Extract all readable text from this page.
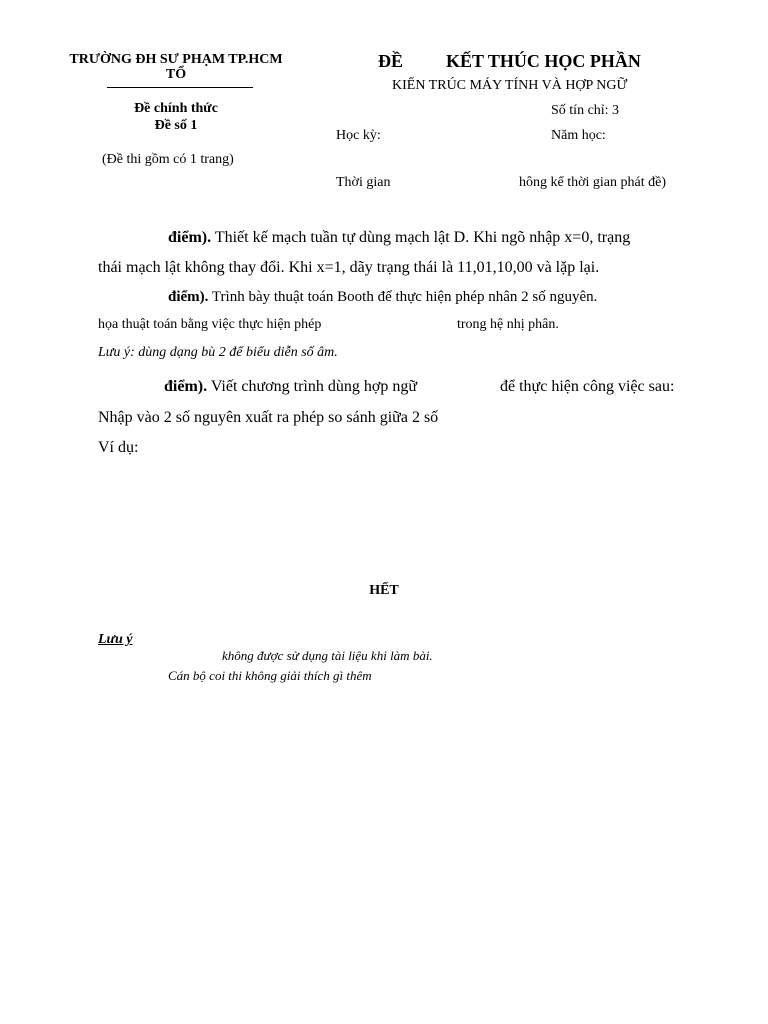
TRƯỜNG ĐH SƯ PHẠM TP.HCM
TỔ
Đề chính thức
Đề số 1
(Đề thi gồm có 1 trang)
ĐỀ KẾT THÚC HỌC PHẦN
KIẾN TRÚC MÁY TÍNH VÀ HỢP NGỮ
Số tín chỉ: 3
Học kỳ:	Năm học:
Thời gian	hông kể thời gian phát đề)
điểm). Thiết kế mạch tuần tự dùng mạch lật D. Khi ngõ nhập x=0, trạng
thái mạch lật không thay đổi. Khi x=1, dãy trạng thái là 11,01,10,00 và lặp lại.
điểm). Trình bày thuật toán Booth để thực hiện phép nhân 2 số nguyên.
họa thuật toán bằng việc thực hiện phép	trong hệ nhị phân.
Lưu ý: dùng dạng bù 2 để biểu diễn số âm.
điểm). Viết chương trình dùng hợp ngữ	để thực hiện công việc sau:
Nhập vào 2 số nguyên xuất ra phép so sánh giữa 2 số
Ví dụ:
HẾT
Lưu ý
không được sử dụng tài liệu khi làm bài.
Cán bộ coi thi không giải thích gì thêm
